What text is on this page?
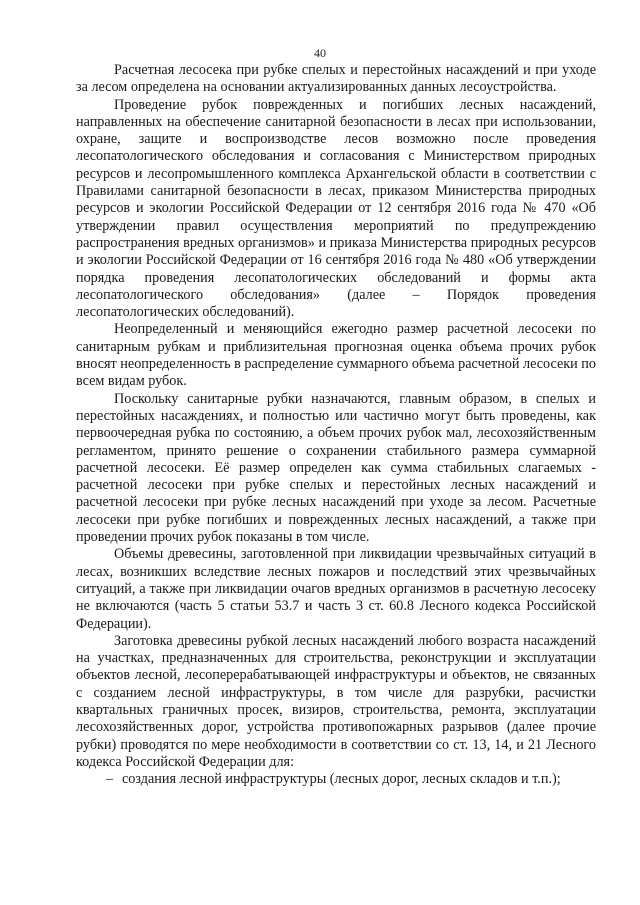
40

Расчетная лесосека при рубке спелых и перестойных насаждений и при уходе за лесом определена на основании актуализированных данных лесоустройства.

Проведение рубок поврежденных и погибших лесных насаждений, направленных на обеспечение санитарной безопасности в лесах при использовании, охране, защите и воспроизводстве лесов возможно после проведения лесопатологического обследования и согласования с Министерством природных ресурсов и лесопромышленного комплекса Архангельской области в соответствии с Правилами санитарной безопасности в лесах, приказом Министерства природных ресурсов и экологии Российской Федерации от 12 сентября 2016 года № 470 «Об утверждении правил осуществления мероприятий по предупреждению распространения вредных организмов» и приказа Министерства природных ресурсов и экологии Российской Федерации от 16 сентября 2016 года № 480 «Об утверждении порядка проведения лесопатологических обследований и формы акта лесопатологического обследования» (далее – Порядок проведения лесопатологических обследований).

Неопределенный и меняющийся ежегодно размер расчетной лесосеки по санитарным рубкам и приблизительная прогнозная оценка объема прочих рубок вносят неопределенность в распределение суммарного объема расчетной лесосеки по всем видам рубок.

Поскольку санитарные рубки назначаются, главным образом, в спелых и перестойных насаждениях, и полностью или частично могут быть проведены, как первоочередная рубка по состоянию, а объем прочих рубок мал, лесохозяйственным регламентом, принято решение о сохранении стабильного размера суммарной расчетной лесосеки. Её размер определен как сумма стабильных слагаемых - расчетной лесосеки при рубке спелых и перестойных лесных насаждений и расчетной лесосеки при рубке лесных насаждений при уходе за лесом. Расчетные лесосеки при рубке погибших и поврежденных лесных насаждений, а также при проведении прочих рубок показаны в том числе.

Объемы древесины, заготовленной при ликвидации чрезвычайных ситуаций в лесах, возникших вследствие лесных пожаров и последствий этих чрезвычайных ситуаций, а также при ликвидации очагов вредных организмов в расчетную лесосеку не включаются (часть 5 статьи 53.7 и часть 3 ст. 60.8 Лесного кодекса Российской Федерации).

Заготовка древесины рубкой лесных насаждений любого возраста насаждений на участках, предназначенных для строительства, реконструкции и эксплуатации объектов лесной, лесоперерабатывающей инфраструктуры и объектов, не связанных с созданием лесной инфраструктуры, в том числе для разрубки, расчистки квартальных граничных просек, визиров, строительства, ремонта, эксплуатации лесохозяйственных дорог, устройства противопожарных разрывов (далее прочие рубки) проводятся по мере необходимости в соответствии со ст. 13, 14, и 21 Лесного кодекса Российской Федерации для:

– создания лесной инфраструктуры (лесных дорог, лесных складов и т.п.);
